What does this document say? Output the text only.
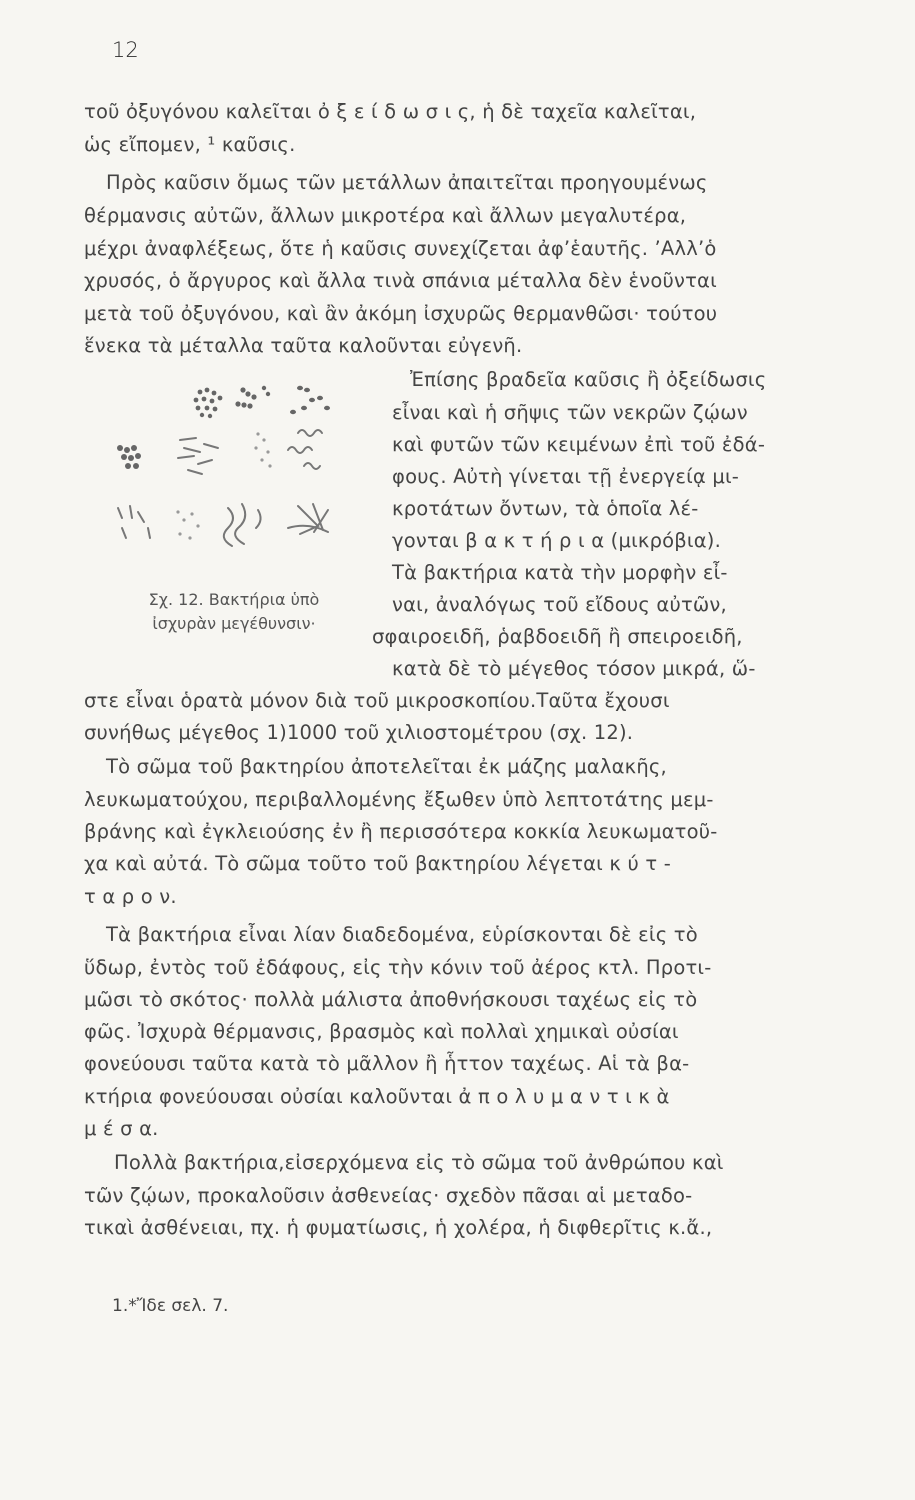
12
τοῦ ὀξυγόνου καλεῖται ὀ ξ ε ί δ ω σ ι ς, ἡ δὲ ταχεῖα καλεῖται,
ὡς εἴπομεν, ¹ καῦσις.
Πρὸς καῦσιν ὅμως τῶν μετάλλων ἀπαιτεῖται προηγουμένως
θέρμανσις αὐτῶν, ἄλλων μικροτέρα καὶ ἄλλων μεγαλυτέρα,
μέχρι ἀναφλέξεως, ὅτε ἡ καῦσις συνεχίζεται ἀφ’ἑαυτῆς. ’Αλλ’ὁ
χρυσός, ὁ ἄργυρος καὶ ἄλλα τινὰ σπάνια μέταλλα δὲν ἑνοῦνται
μετὰ τοῦ ὀξυγόνου, καὶ ἂν ἀκόμη ἰσχυρῶς θερμανθῶσι· τούτου
ἕνεκα τὰ μέταλλα ταῦτα καλοῦνται εὐγενῆ.
Ἐπίσης βραδεῖα καῦσις ἢ ὀξείδωσις
εἶναι καὶ ἡ σῆψις τῶν νεκρῶν ζῴων
καὶ φυτῶν τῶν κειμένων ἐπὶ τοῦ ἐδά-
φους. Αὐτὴ γίνεται τῇ ἐνεργείᾳ μι-
κροτάτων ὄντων, τὰ ὁποῖα λέ-
γονται β α κ τ ή ρ ι α (μικρόβια).
Τὰ βακτήρια κατὰ τὴν μορφὴν εἶ-
ναι, ἀναλόγως τοῦ εἴδους αὐτῶν,
σφαιροειδῆ, ῥαβδοειδῆ ἢ σπειροειδῆ,
κατὰ δὲ τὸ μέγεθος τόσον μικρά, ὥ-
στε εἶναι ὁρατὰ μόνον διὰ τοῦ μικροσκοπίου.Ταῦτα ἔχουσι
συνήθως μέγεθος 1)1000 τοῦ χιλιοστομέτρου (σχ. 12).
Τὸ σῶμα τοῦ βακτηρίου ἀποτελεῖται ἐκ μάζης μαλακῆς,
λευκωματούχου, περιβαλλομένης ἔξωθεν ὑπὸ λεπτοτάτης μεμ-
βράνης καὶ ἐγκλειούσης ἐν ἢ περισσότερα κοκκία λευκωματοῦ-
χα καὶ αὐτά. Τὸ σῶμα τοῦτο τοῦ βακτηρίου λέγεται κ ύ τ -
τ α ρ ο ν.
Τὰ βακτήρια εἶναι λίαν διαδεδομένα, εὑρίσκονται δὲ εἰς τὸ
ὕδωρ, ἐντὸς τοῦ ἐδάφους, εἰς τὴν κόνιν τοῦ ἀέρος κτλ. Προτι-
μῶσι τὸ σκότος· πολλὰ μάλιστα ἀποθνήσκουσι ταχέως εἰς τὸ
φῶς. Ἰσχυρὰ θέρμανσις, βρασμὸς καὶ πολλαὶ χημικαὶ οὐσίαι
φονεύουσι ταῦτα κατὰ τὸ μᾶλλον ἢ ἧττον ταχέως. Αἱ τὰ βα-
κτήρια φονεύουσαι οὐσίαι καλοῦνται ἀ π ο λ υ μ α ν τ ι κ ὰ
μ έ σ α.
Πολλὰ βακτήρια,εἰσερχόμενα εἰς τὸ σῶμα τοῦ ἀνθρώπου καὶ
τῶν ζῴων, προκαλοῦσιν ἀσθενείας· σχεδὸν πᾶσαι αἱ μεταδο-
τικαὶ ἀσθένειαι, πχ. ἡ φυματίωσις, ἡ χολέρα, ἡ διφθερῖτις κ.ἄ.,
Σχ. 12. Βακτήρια ὑπὸ
ἰσχυρὰν μεγέθυνσιν·
1.*Ἴδε σελ. 7.
